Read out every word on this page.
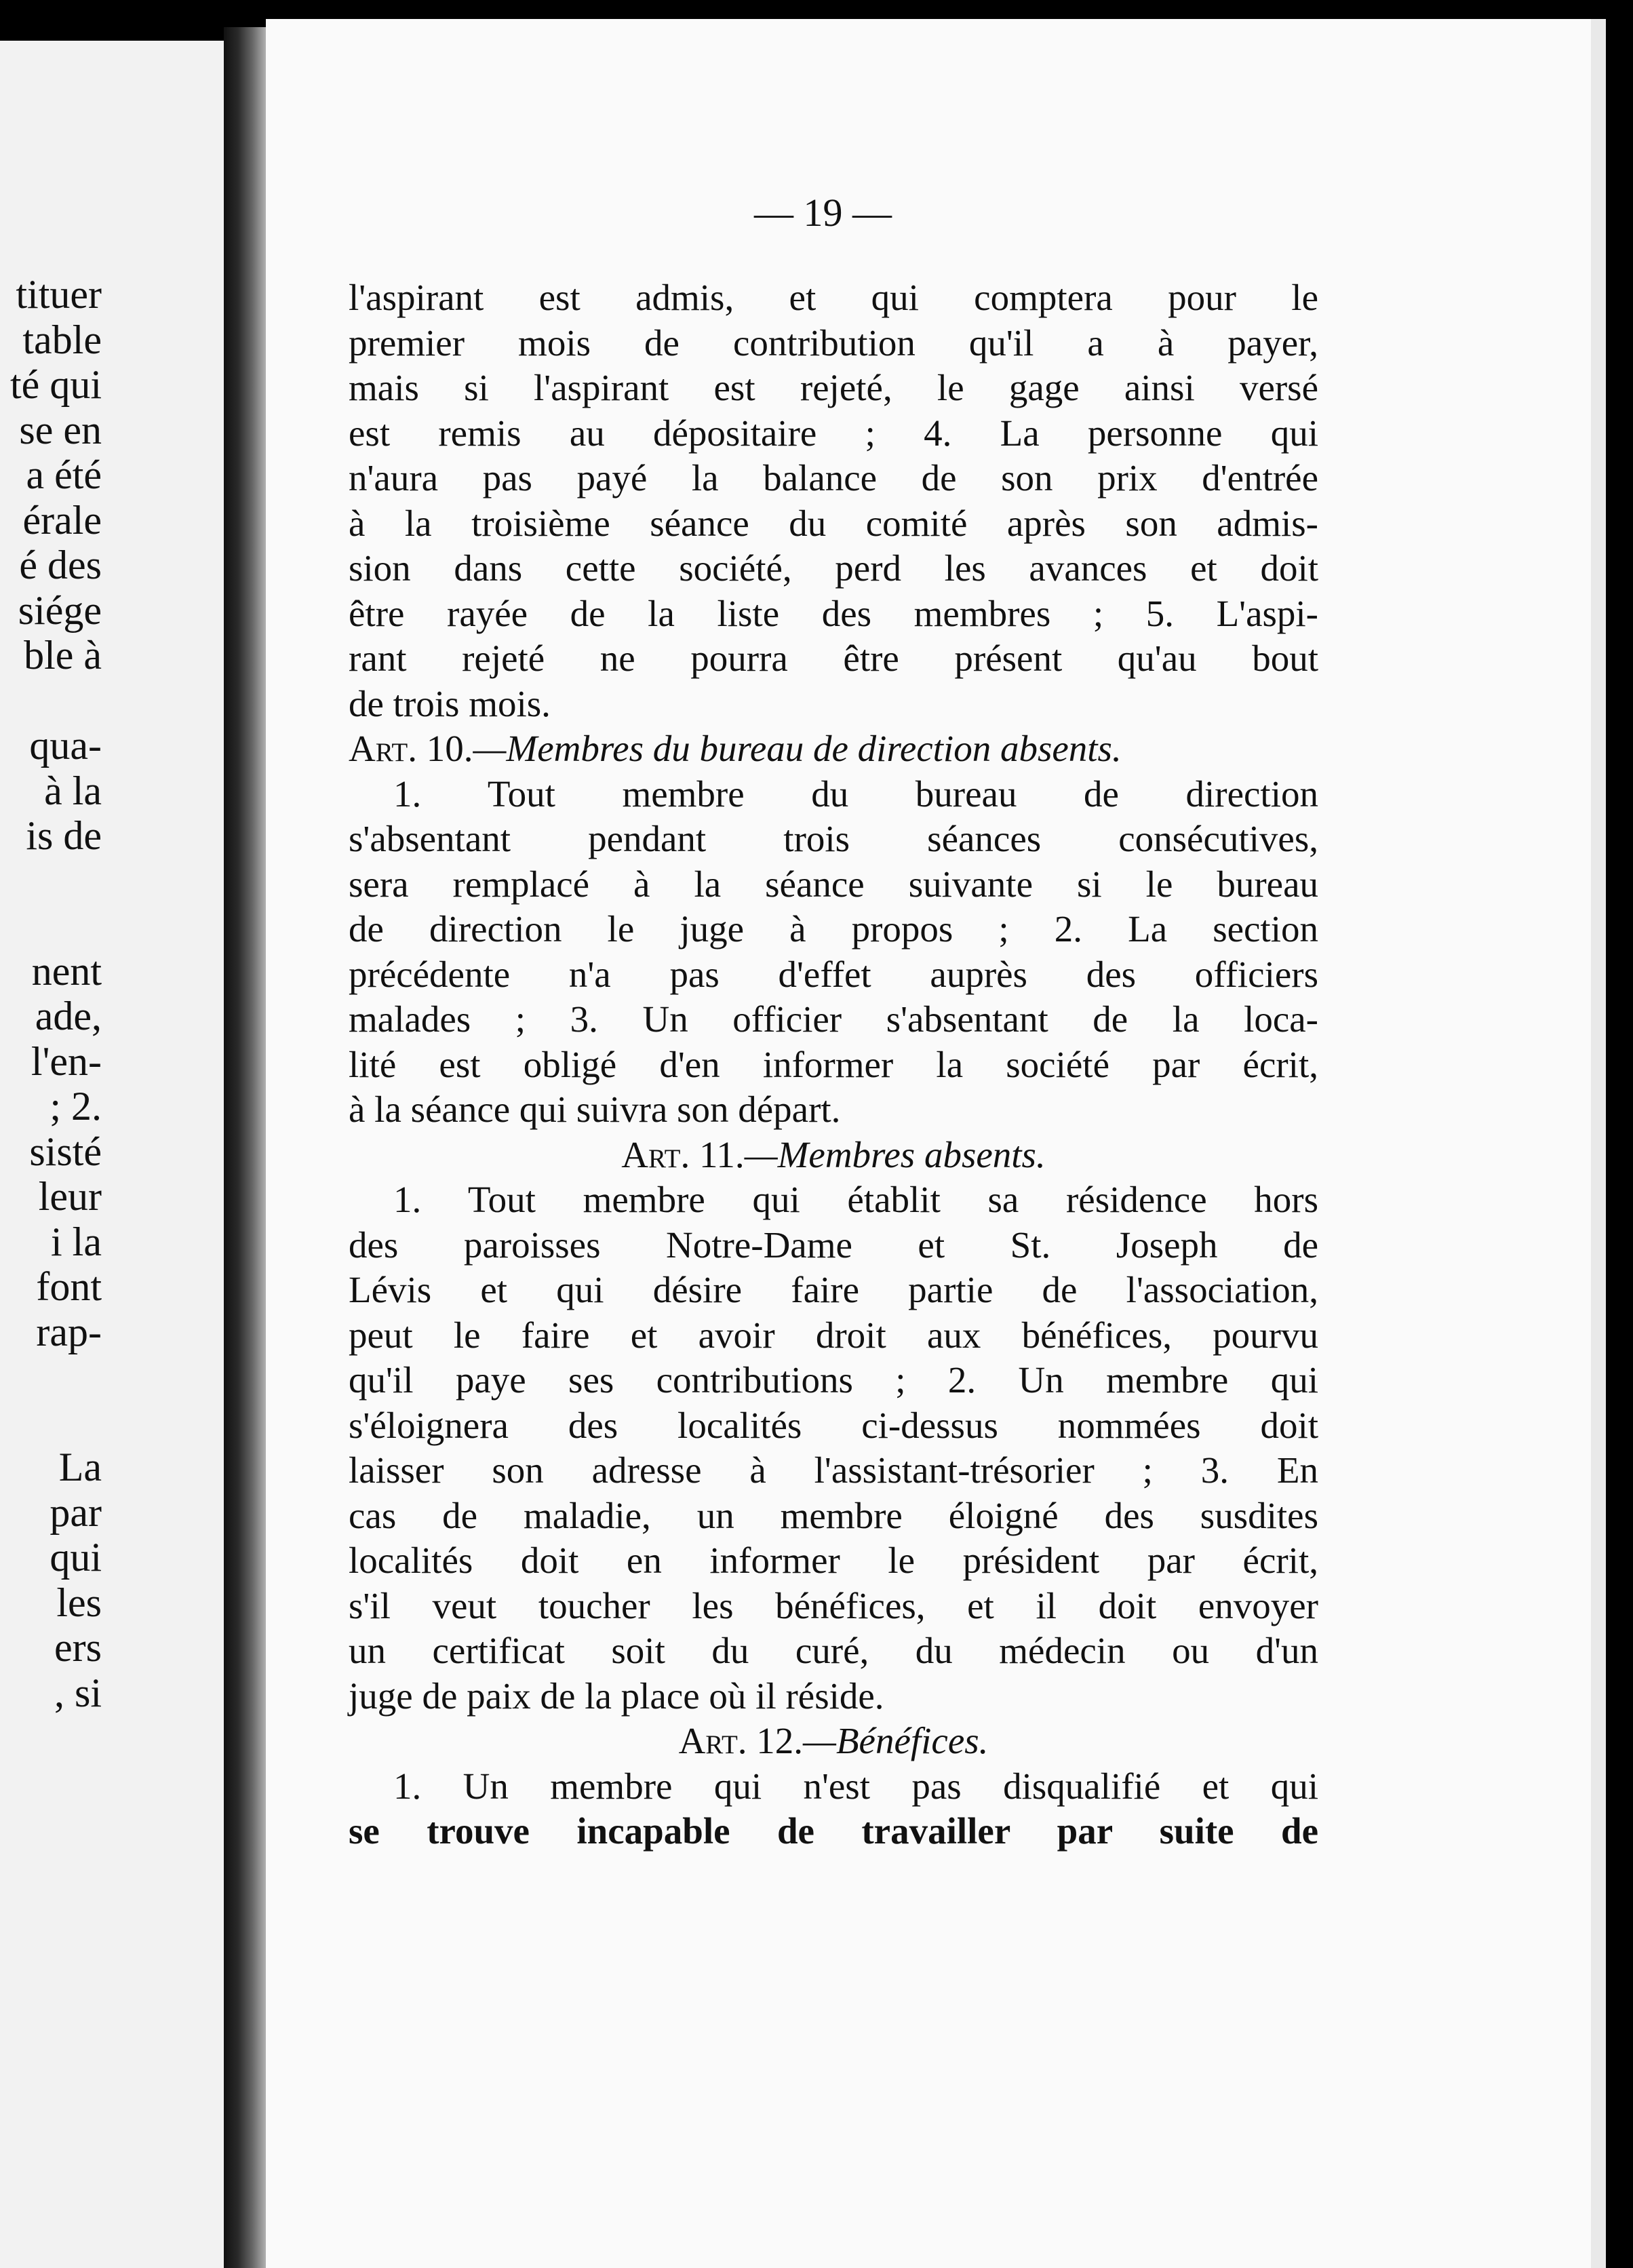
tituer
table
té qui
se en
a été
érale
é des
siége
ble à
qua-
à la
is de
nent
ade,
l'en-
; 2.
sisté
leur
i la
font
rap-
La
par
qui
les
ers
, si
— 19 —
l'aspirant est admis, et qui comptera pour le
premier mois de contribution qu'il a à payer,
mais si l'aspirant est rejeté, le gage ainsi versé
est remis au dépositaire ; 4. La personne qui
n'aura pas payé la balance de son prix d'entrée
à la troisième séance du comité après son admis-
sion dans cette société, perd les avances et doit
être rayée de la liste des membres ; 5. L'aspi-
rant rejeté ne pourra être présent qu'au bout
de trois mois.
Art. 10.—Membres du bureau de direction absents.
1. Tout membre du bureau de direction
s'absentant pendant trois séances consécutives,
sera remplacé à la séance suivante si le bureau
de direction le juge à propos ; 2. La section
précédente n'a pas d'effet auprès des officiers
malades ; 3. Un officier s'absentant de la loca-
lité est obligé d'en informer la société par écrit,
à la séance qui suivra son départ.
Art. 11.—Membres absents.
1. Tout membre qui établit sa résidence hors
des paroisses Notre-Dame et St. Joseph de
Lévis et qui désire faire partie de l'association,
peut le faire et avoir droit aux bénéfices, pourvu
qu'il paye ses contributions ; 2. Un membre qui
s'éloignera des localités ci-dessus nommées doit
laisser son adresse à l'assistant-trésorier ; 3. En
cas de maladie, un membre éloigné des susdites
localités doit en informer le président par écrit,
s'il veut toucher les bénéfices, et il doit envoyer
un certificat soit du curé, du médecin ou d'un
juge de paix de la place où il réside.
Art. 12.—Bénéfices.
1. Un membre qui n'est pas disqualifié et qui
se trouve incapable de travailler par suite de
